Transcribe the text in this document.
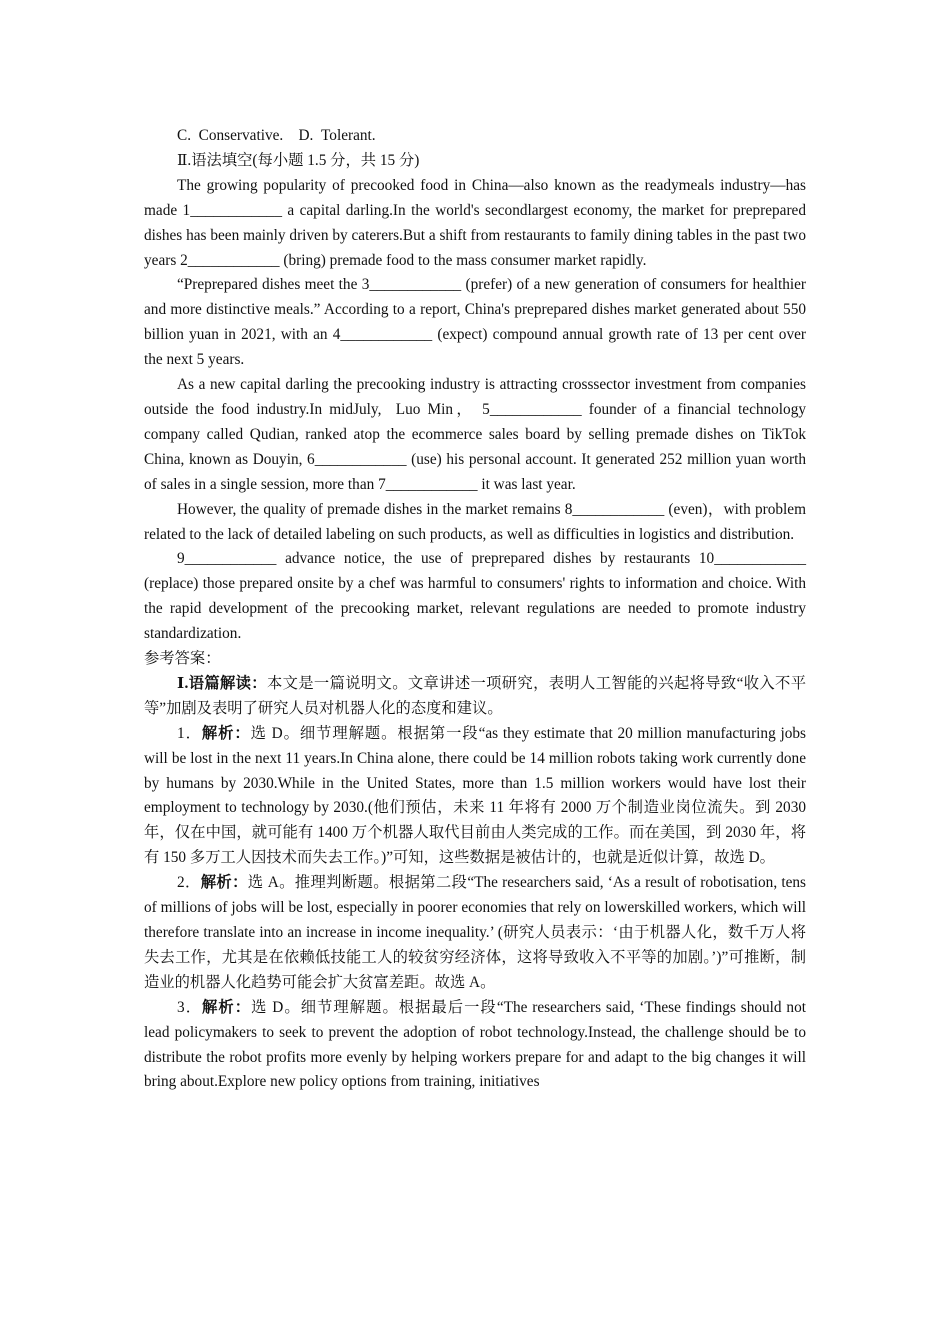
C.  Conservative.    D.  Tolerant.

Ⅱ.语法填空(每小题 1.5 分，共 15 分)

The growing popularity of precooked food in China—also known as the readymeals industry—has made 1____________ a capital darling.In the world's secondlargest economy, the market for preprepared dishes has been mainly driven by caterers.But a shift from restaurants to family dining tables in the past two years 2____________ (bring) premade food to the mass consumer market rapidly.

“Preprepared dishes meet the 3____________ (prefer) of a new generation of consumers for healthier and more distinctive meals.” According to a report, China's preprepared dishes market generated about 550 billion yuan in 2021, with an 4____________ (expect) compound annual growth rate of 13 per cent over the next 5 years.

As a new capital darling the precooking industry is attracting crosssector investment from companies outside the food industry.In midJuly,  Luo Min， 5____________ founder of a financial technology company called Qudian, ranked atop the ecommerce sales board by selling premade dishes on TikTok China, known as Douyin, 6____________ (use) his personal account. It generated 252 million yuan worth of sales in a single session, more than 7____________ it was last year.

However, the quality of premade dishes in the market remains 8____________ (even)，with problem related to the lack of detailed labeling on such products, as well as difficulties in logistics and distribution.

9____________ advance notice, the use of preprepared dishes by restaurants 10____________ (replace) those prepared onsite by a chef was harmful to consumers' rights to information and choice. With the rapid development of the precooking market, relevant regulations are needed to promote industry standardization.

参考答案：

Ⅰ.语篇解读：本文是一篇说明文。文章讲述一项研究，表明人工智能的兴起将导致“收入不平等”加剧及表明了研究人员对机器人化的态度和建议。

1．解析：选 D。细节理解题。根据第一段“as they estimate that 20 million manufacturing jobs will be lost in the next 11 years.In China alone, there could be 14 million robots taking work currently done by humans by 2030.While in the United States, more than 1.5 million workers would have lost their employment to technology by 2030.(他们预估，未来 11 年将有 2000 万个制造业岗位流失。到 2030 年，仅在中国，就可能有 1400 万个机器人取代目前由人类完成的工作。而在美国，到 2030 年，将有 150 多万工人因技术而失去工作。)”可知，这些数据是被估计的，也就是近似计算，故选 D。

2．解析：选 A。推理判断题。根据第二段“The researchers said, ‘As a result of robotisation, tens of millions of jobs will be lost, especially in poorer economies that rely on lowerskilled workers, which will therefore translate into an increase in income inequality.’ (研究人员表示：‘由于机器人化，数千万人将失去工作，尤其是在依赖低技能工人的较贫穷经济体，这将导致收入不平等的加剧。’)”可推断，制造业的机器人化趋势可能会扩大贫富差距。故选 A。

3．解析：选 D。细节理解题。根据最后一段“The researchers said, ‘These findings should not lead policymakers to seek to prevent the adoption of robot technology.Instead, the challenge should be to distribute the robot profits more evenly by helping workers prepare for and adapt to the big changes it will bring about.Explore new policy options from training, initiatives
